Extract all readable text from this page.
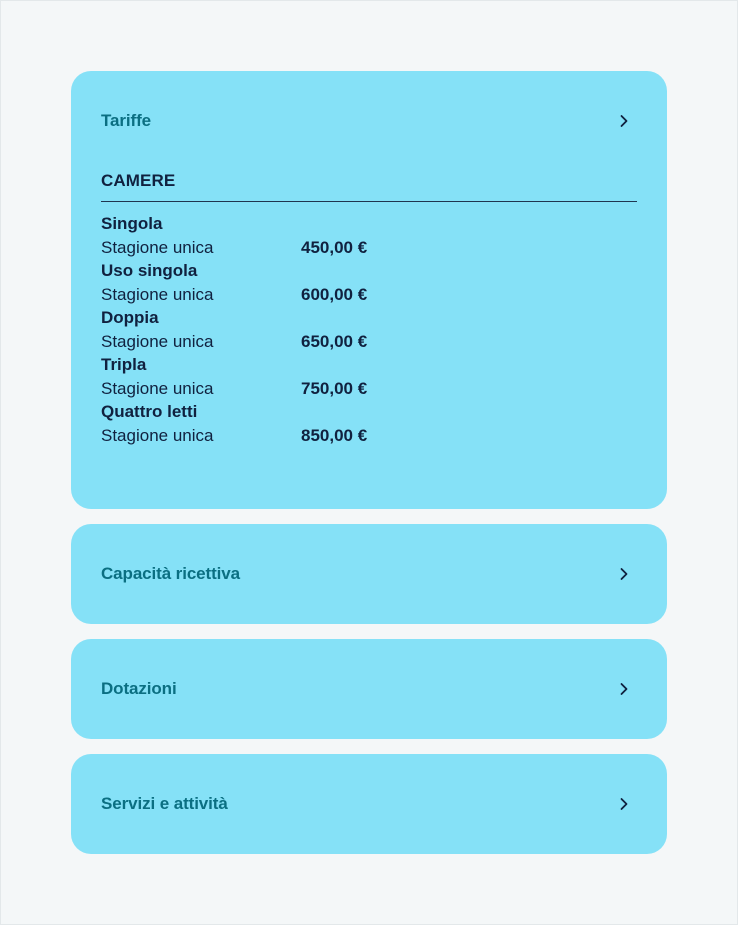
Tariffe
CAMERE
Singola
Stagione unica	450,00 €
Uso singola
Stagione unica	600,00 €
Doppia
Stagione unica	650,00 €
Tripla
Stagione unica	750,00 €
Quattro letti
Stagione unica	850,00 €
Capacità ricettiva
Dotazioni
Servizi e attività
